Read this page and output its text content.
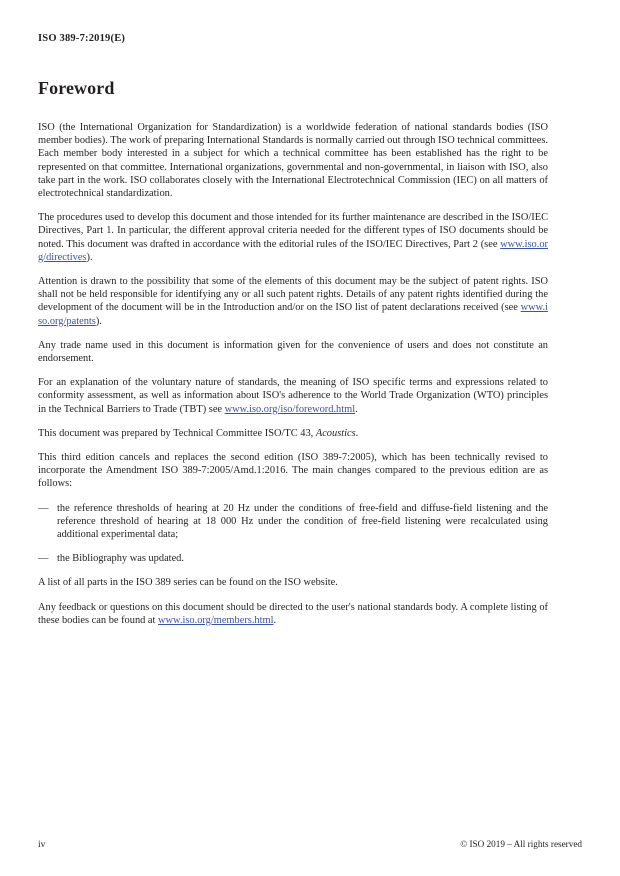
ISO 389-7:2019(E)
Foreword

ISO (the International Organization for Standardization) is a worldwide federation of national standards bodies (ISO member bodies). The work of preparing International Standards is normally carried out through ISO technical committees. Each member body interested in a subject for which a technical committee has been established has the right to be represented on that committee. International organizations, governmental and non-governmental, in liaison with ISO, also take part in the work. ISO collaborates closely with the International Electrotechnical Commission (IEC) on all matters of electrotechnical standardization.

The procedures used to develop this document and those intended for its further maintenance are described in the ISO/IEC Directives, Part 1. In particular, the different approval criteria needed for the different types of ISO documents should be noted. This document was drafted in accordance with the editorial rules of the ISO/IEC Directives, Part 2 (see www.iso.org/directives).

Attention is drawn to the possibility that some of the elements of this document may be the subject of patent rights. ISO shall not be held responsible for identifying any or all such patent rights. Details of any patent rights identified during the development of the document will be in the Introduction and/or on the ISO list of patent declarations received (see www.iso.org/patents).

Any trade name used in this document is information given for the convenience of users and does not constitute an endorsement.

For an explanation of the voluntary nature of standards, the meaning of ISO specific terms and expressions related to conformity assessment, as well as information about ISO's adherence to the World Trade Organization (WTO) principles in the Technical Barriers to Trade (TBT) see www.iso.org/iso/foreword.html.

This document was prepared by Technical Committee ISO/TC 43, Acoustics.

This third edition cancels and replaces the second edition (ISO 389-7:2005), which has been technically revised to incorporate the Amendment ISO 389-7:2005/Amd.1:2016. The main changes compared to the previous edition are as follows:

— the reference thresholds of hearing at 20 Hz under the conditions of free-field and diffuse-field listening and the reference threshold of hearing at 18 000 Hz under the condition of free-field listening were recalculated using additional experimental data;
— the Bibliography was updated.

A list of all parts in the ISO 389 series can be found on the ISO website.

Any feedback or questions on this document should be directed to the user's national standards body. A complete listing of these bodies can be found at www.iso.org/members.html.

iv	© ISO 2019 – All rights reserved
